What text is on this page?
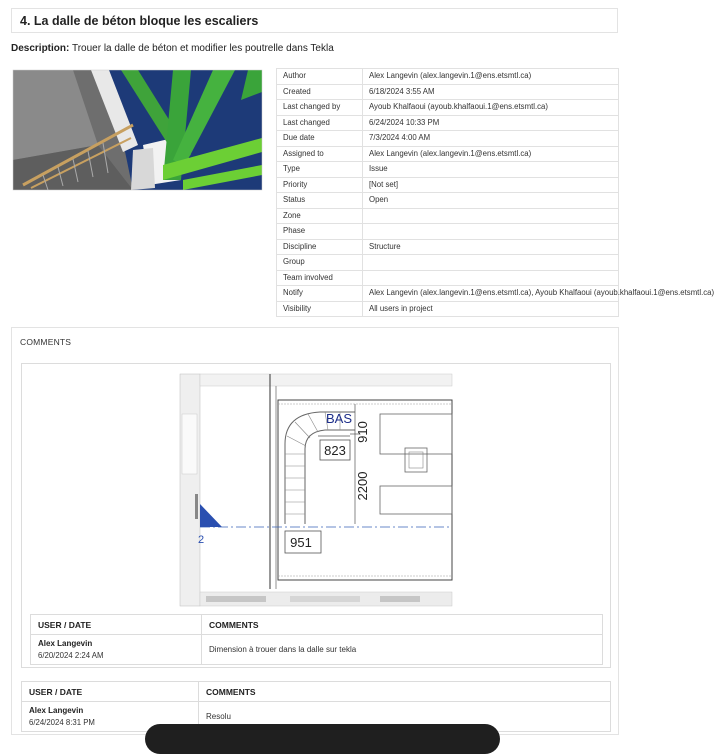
4. La dalle de béton bloque les escaliers
Description: Trouer la dalle de béton et modifier les poutrelle dans Tekla
Author	Alex Langevin (alex.langevin.1@ens.etsmtl.ca)
Created	6/18/2024 3:55 AM
Last changed by	Ayoub Khalfaoui (ayoub.khalfaoui.1@ens.etsmtl.ca)
Last changed	6/24/2024 10:33 PM
Due date	7/3/2024 4:00 AM
Assigned to	Alex Langevin (alex.langevin.1@ens.etsmtl.ca)
Type	Issue
Priority	[Not set]
Status	Open
Zone	
Phase	
Discipline	Structure
Group	
Team involved	
Notify	Alex Langevin (alex.langevin.1@ens.etsmtl.ca), Ayoub Khalfaoui (ayoub.khalfaoui.1@ens.etsmtl.ca)
Visibility	All users in project
COMMENTS
BAS
910
823
2200
951
2
USER / DATE	COMMENTS

Alex Langevin
6/20/2024 2:24 AM	Dimension à trouer dans la dalle sur tekla
USER / DATE	COMMENTS

Alex Langevin
6/24/2024 8:31 PM	Resolu
